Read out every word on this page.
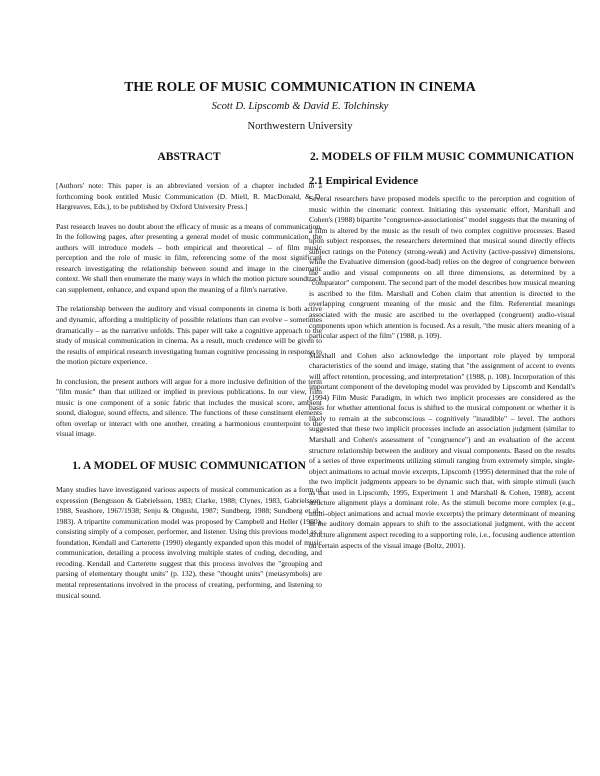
THE ROLE OF MUSIC COMMUNICATION IN CINEMA
Scott D. Lipscomb & David E. Tolchinsky
Northwestern University
ABSTRACT

[Authors' note: This paper is an abbreviated version of a chapter included in a forthcoming book entitled Music Communication (D. Miell, R. MacDonald, & D. Hargreaves, Eds.), to be published by Oxford University Press.]

Past research leaves no doubt about the efficacy of music as a means of communication. In the following pages, after presenting a general model of music communication, the authors will introduce models – both empirical and theoretical – of film music perception and the role of music in film, referencing some of the most significant research investigating the relationship between sound and image in the cinematic context. We shall then enumerate the many ways in which the motion picture soundtrack can supplement, enhance, and expand upon the meaning of a film's narrative.

The relationship between the auditory and visual components in cinema is both active and dynamic, affording a multiplicity of possible relations than can evolve – sometimes dramatically – as the narrative unfolds. This paper will take a cognitive approach to the study of musical communication in cinema. As a result, much credence will be given to the results of empirical research investigating human cognitive processing in response to the motion picture experience.

In conclusion, the present authors will argue for a more inclusive definition of the term "film music" than that utilized or implied in previous publications. In our view, film music is one component of a sonic fabric that includes the musical score, ambient sound, dialogue, sound effects, and silence. The functions of these constituent elements often overlap or interact with one another, creating a harmonious counterpoint to the visual image.

1. A MODEL OF MUSIC COMMUNICATION

Many studies have investigated various aspects of musical communication as a form of expression (Bengtsson & Gabrielsson, 1983; Clarke, 1988; Clynes, 1983, Gabrielsson, 1988, Seashore, 1967/1938; Senju & Ohgushi, 1987; Sundberg, 1988; Sundberg et al., 1983). A tripartite communication model was proposed by Campbell and Heller (1980), consisting simply of a composer, performer, and listener. Using this previous model as a foundation, Kendall and Carterette (1990) elegantly expanded upon this model of music communication, detailing a process involving multiple states of coding, decoding, and recoding. Kendall and Carterette suggest that this process involves the "grouping and parsing of elementary thought units" (p. 132), these "thought units" (metasymbols) are mental representations involved in the process of creating, performing, and listening to musical sound.

2. MODELS OF FILM MUSIC COMMUNICATION
2.1 Empirical Evidence

Several researchers have proposed models specific to the perception and cognition of music within the cinematic context. Initiating this systematic effort, Marshall and Cohen's (1988) bipartite "congruence-associationist" model suggests that the meaning of a film is altered by the music as the result of two complex cognitive processes. Based upon subject responses, the researchers determined that musical sound directly effects subject ratings on the Potency (strong-weak) and Activity (active-passive) dimensions, while the Evaluative dimension (good-bad) relies on the degree of congruence between the audio and visual components on all three dimensions, as determined by a "comparator" component. The second part of the model describes how musical meaning is ascribed to the film. Marshall and Cohen claim that attention is directed to the overlapping congruent meaning of the music and the film. Referential meanings associated with the music are ascribed to the overlapped (congruent) audio-visual components upon which attention is focused. As a result, "the music alters meaning of a particular aspect of the film" (1988, p. 109).

Marshall and Cohen also acknowledge the important role played by temporal characteristics of the sound and image, stating that "the assignment of accent to events will affect retention, processing, and interpretation" (1988, p. 108). Incorporation of this important component of the developing model was provided by Lipscomb and Kendall's (1994) Film Music Paradigm, in which two implicit processes are considered as the basis for whether attentional focus is shifted to the musical component or whether it is likely to remain at the subconscious – cognitively "inaudible" – level. The authors suggested that these two implicit processes include an association judgment (similar to Marshall and Cohen's assessment of "congruence") and an evaluation of the accent structure relationship between the auditory and visual components. Based on the results of a series of three experiments utilizing stimuli ranging from extremely simple, single-object animations to actual movie excerpts, Lipscomb (1995) determined that the role of the two implicit judgments appears to be dynamic such that, with simple stimuli (such as that used in Lipscomb, 1995, Experiment 1 and Marshall & Cohen, 1988), accent structure alignment plays a dominant role. As the stimuli become more complex (e.g., multi-object animations and actual movie excerpts) the primary determinant of meaning in the auditory domain appears to shift to the associational judgment, with the accent structure alignment aspect receding to a supporting role, i.e., focusing audience attention on certain aspects of the visual image (Boltz, 2001).
